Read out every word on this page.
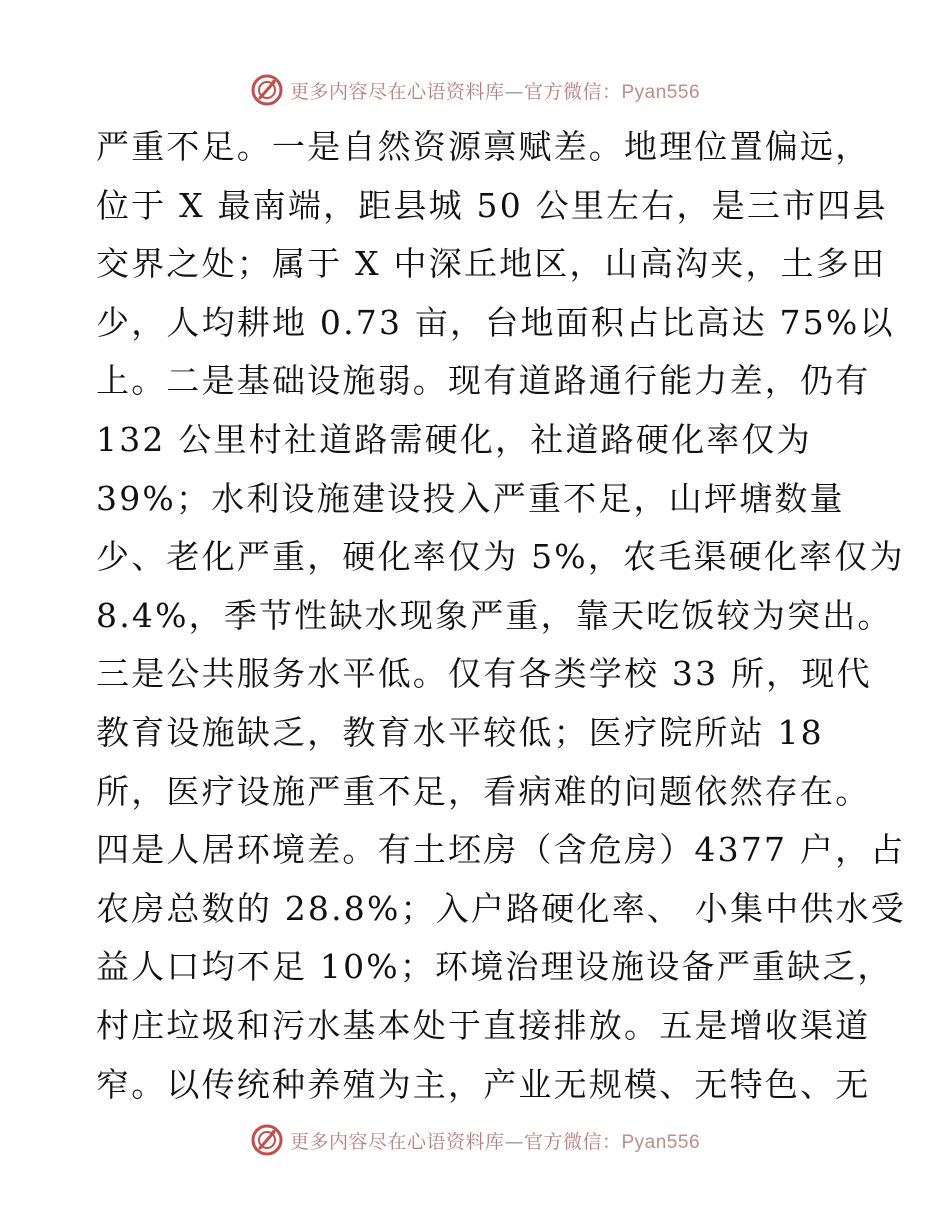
更多内容尽在心语资料库—官方微信：Pyan556
严重不足。一是自然资源禀赋差。地理位置偏远，
位于 X 最南端，距县城 50 公里左右，是三市四县
交界之处；属于 X 中深丘地区，山高沟夹，土多田
少，人均耕地 0.73 亩，台地面积占比高达 75%以
上。二是基础设施弱。现有道路通行能力差，仍有
132 公里村社道路需硬化，社道路硬化率仅为
39%；水利设施建设投入严重不足，山坪塘数量
少、老化严重，硬化率仅为 5%，农毛渠硬化率仅为
8.4%，季节性缺水现象严重，靠天吃饭较为突出。
三是公共服务水平低。仅有各类学校 33 所，现代
教育设施缺乏，教育水平较低；医疗院所站 18
所，医疗设施严重不足，看病难的问题依然存在。
四是人居环境差。有土坯房（含危房）4377 户，占
农房总数的 28.8%；入户路硬化率、 小集中供水受
益人口均不足 10%；环境治理设施设备严重缺乏，
村庄垃圾和污水基本处于直接排放。五是增收渠道
窄。以传统种养殖为主，产业无规模、无特色、无
更多内容尽在心语资料库—官方微信：Pyan556
